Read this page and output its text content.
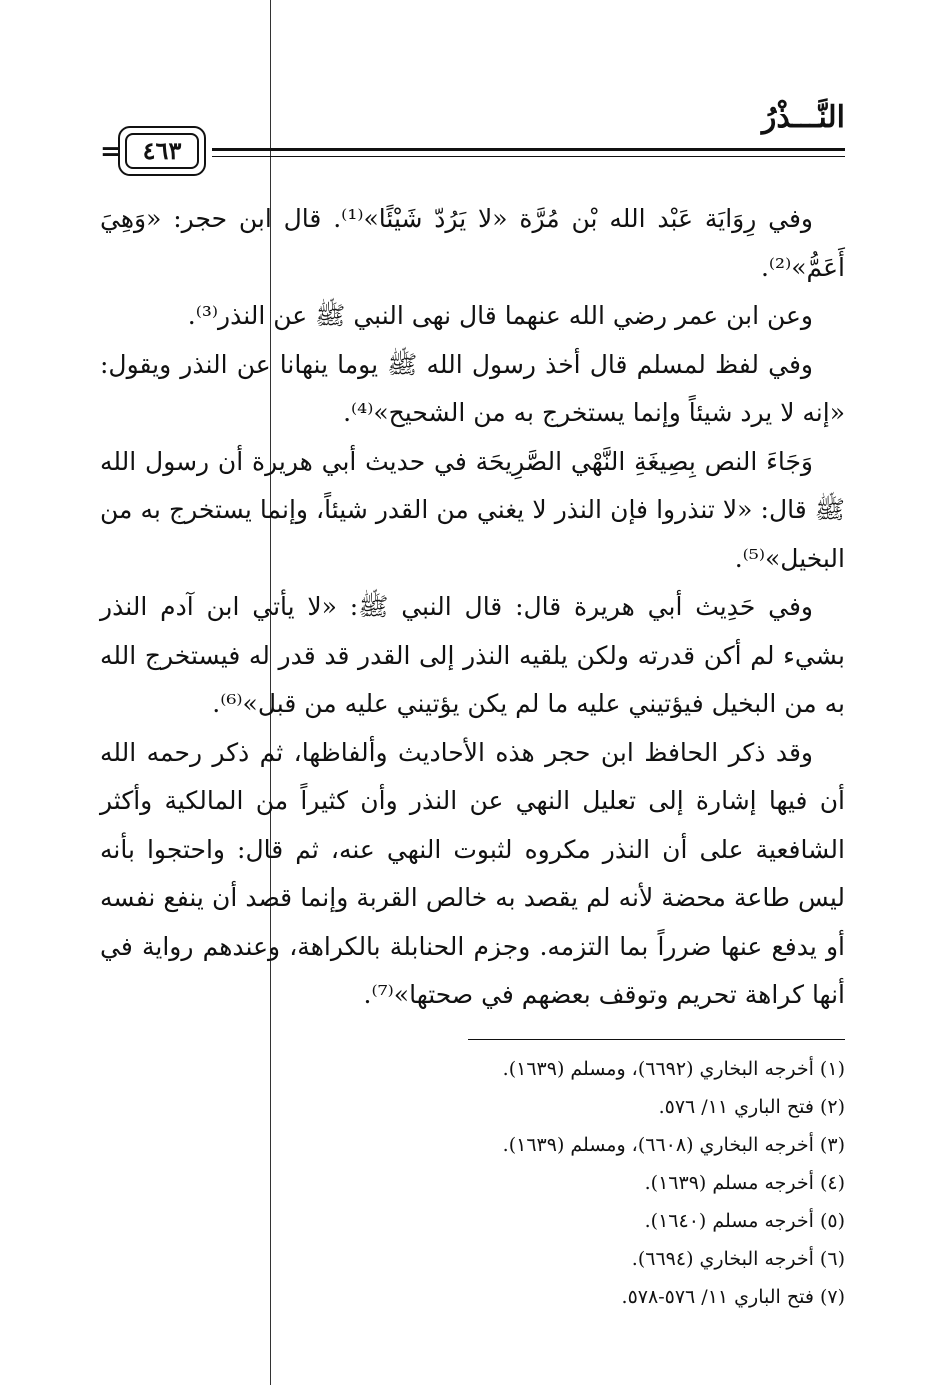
النَّـــذْرُ
= ٤٦٣

وفي رِوَايَة عَبْد الله بْن مُرَّة «لا يَرُدّ شَيْئًا»⁽¹⁾. قال ابن حجر: «وَهِيَ أَعَمُّ»⁽²⁾.

وعن ابن عمر رضي الله عنهما قال نهى النبي ﷺ عن النذر⁽³⁾.

وفي لفظ لمسلم قال أخذ رسول الله ﷺ يوما ينهانا عن النذر ويقول: «إنه لا يرد شيئاً وإنما يستخرج به من الشحيح»⁽⁴⁾.

وَجَاءَ النص بِصِيغَةِ النَّهْي الصَّرِيحَة في حديث أبي هريرة أن رسول الله ﷺ قال: «لا تنذروا فإن النذر لا يغني من القدر شيئاً، وإنما يستخرج به من البخيل»⁽⁵⁾.

وفي حَدِيث أبي هريرة قال: قال النبي ﷺ: «لا يأتي ابن آدم النذر بشيء لم أكن قدرته ولكن يلقيه النذر إلى القدر قد قدر له فيستخرج الله به من البخيل فيؤتيني عليه ما لم يكن يؤتيني عليه من قبل»⁽⁶⁾.

وقد ذكر الحافظ ابن حجر هذه الأحاديث وألفاظها، ثم ذكر رحمه الله أن فيها إشارة إلى تعليل النهي عن النذر وأن كثيراً من المالكية وأكثر الشافعية على أن النذر مكروه لثبوت النهي عنه، ثم قال: واحتجوا بأنه ليس طاعة محضة لأنه لم يقصد به خالص القربة وإنما قصد أن ينفع نفسه أو يدفع عنها ضرراً بما التزمه. وجزم الحنابلة بالكراهة، وعندهم رواية في أنها كراهة تحريم وتوقف بعضهم في صحتها»⁽⁷⁾.

(١) أخرجه البخاري (٦٦٩٢)، ومسلم (١٦٣٩).
(٢) فتح الباري ١١/ ٥٧٦.
(٣) أخرجه البخاري (٦٦٠٨)، ومسلم (١٦٣٩).
(٤) أخرجه مسلم (١٦٣٩).
(٥) أخرجه مسلم (١٦٤٠).
(٦) أخرجه البخاري (٦٦٩٤).
(٧) فتح الباري ١١/ ٥٧٦-٥٧٨.
